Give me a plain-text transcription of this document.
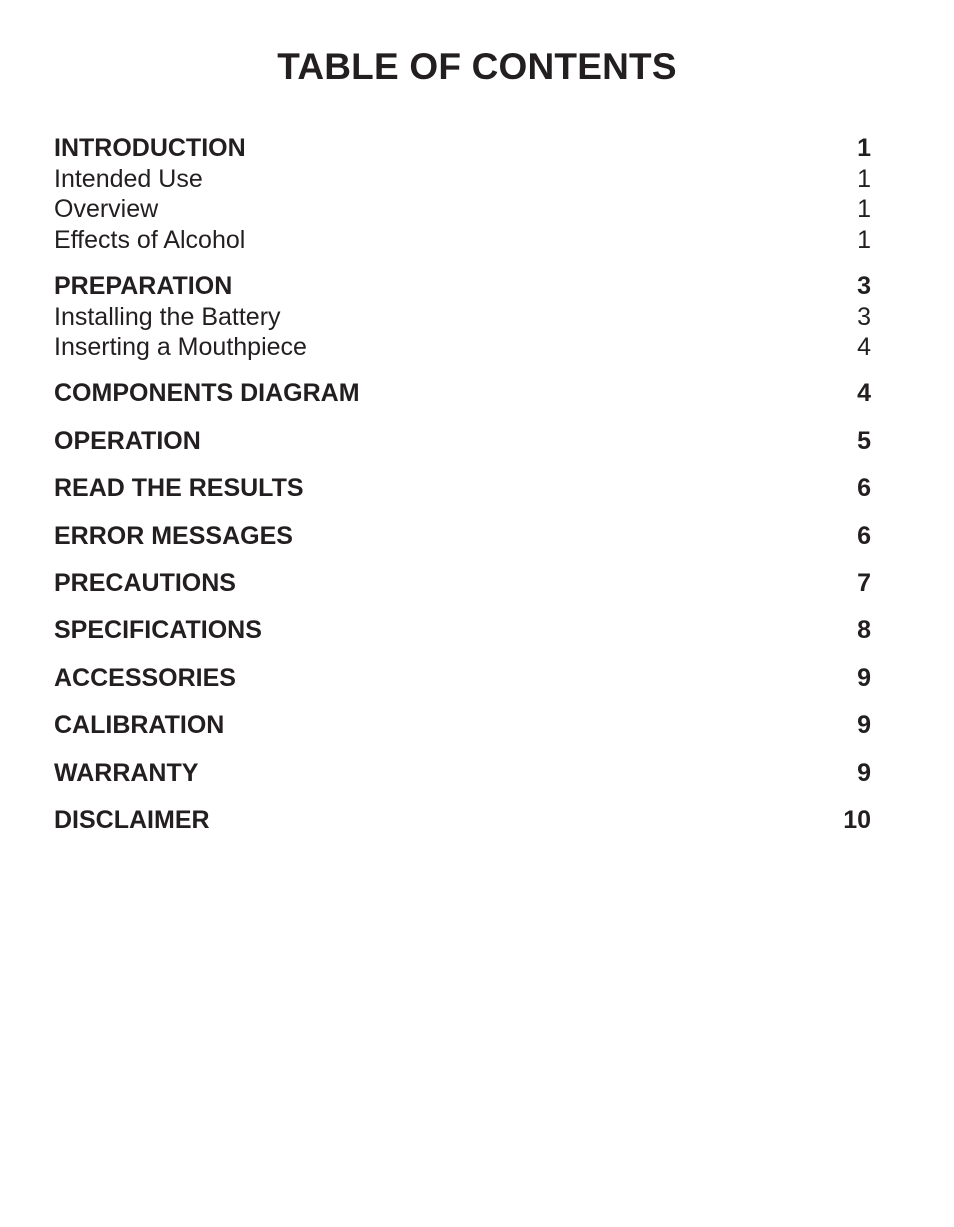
TABLE OF CONTENTS
INTRODUCTION	1
Intended Use	1
Overview	1
Effects of Alcohol	1
PREPARATION	3
Installing the Battery	3
Inserting a Mouthpiece	4
COMPONENTS DIAGRAM	4
OPERATION	5
READ THE RESULTS	6
ERROR MESSAGES	6
PRECAUTIONS	7
SPECIFICATIONS	8
ACCESSORIES	9
CALIBRATION	9
WARRANTY	9
DISCLAIMER	10
